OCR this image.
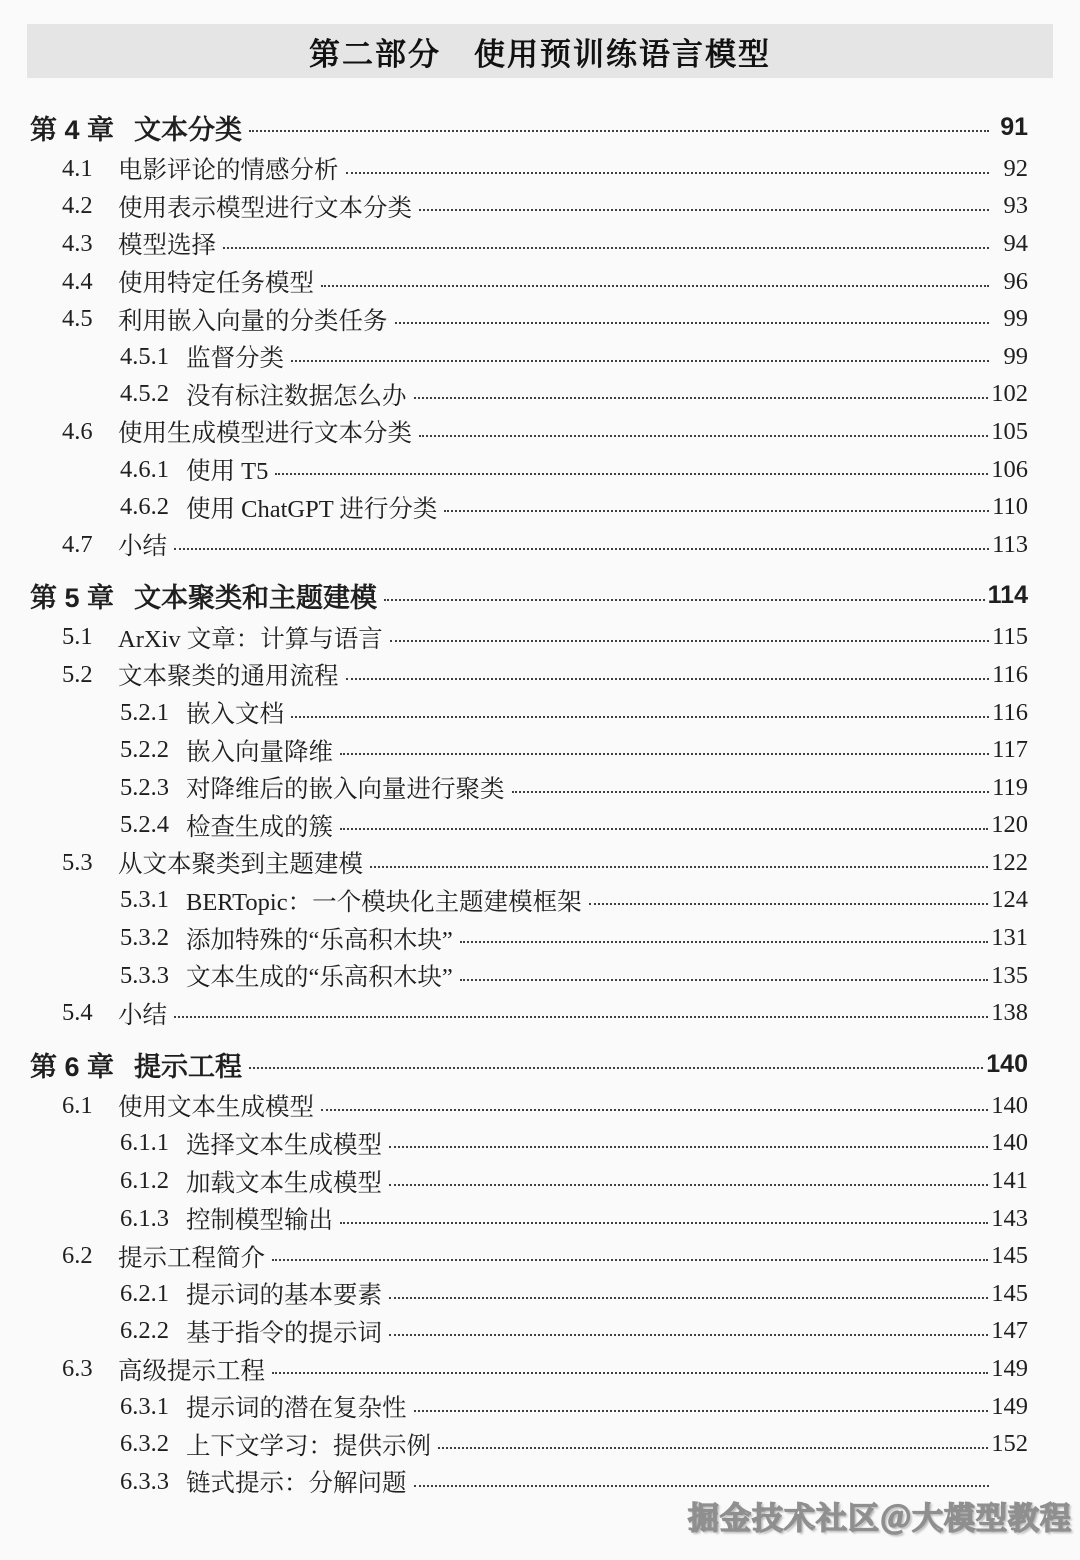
第二部分　使用预训练语言模型
第 4 章 文本分类	91
4.1	电影评论的情感分析	92
4.2	使用表示模型进行文本分类	93
4.3	模型选择	94
4.4	使用特定任务模型	96
4.5	利用嵌入向量的分类任务	99
4.5.1 监督分类	99
4.5.2 没有标注数据怎么办	102
4.6	使用生成模型进行文本分类	105
4.6.1 使用 T5	106
4.6.2 使用 ChatGPT 进行分类	110
4.7	小结	113
第 5 章 文本聚类和主题建模	114
5.1	ArXiv 文章：计算与语言	115
5.2	文本聚类的通用流程	116
5.2.1 嵌入文档	116
5.2.2 嵌入向量降维	117
5.2.3 对降维后的嵌入向量进行聚类	119
5.2.4 检查生成的簇	120
5.3	从文本聚类到主题建模	122
5.3.1 BERTopic：一个模块化主题建模框架	124
5.3.2 添加特殊的“乐高积木块”	131
5.3.3 文本生成的“乐高积木块”	135
5.4	小结	138
第 6 章 提示工程	140
6.1	使用文本生成模型	140
6.1.1 选择文本生成模型	140
6.1.2 加载文本生成模型	141
6.1.3 控制模型输出	143
6.2	提示工程简介	145
6.2.1 提示词的基本要素	145
6.2.2 基于指令的提示词	147
6.3	高级提示工程	149
6.3.1 提示词的潜在复杂性	149
6.3.2 上下文学习：提供示例	152
6.3.3 链式提示：分解问题
掘金技术社区＠大模型教程
